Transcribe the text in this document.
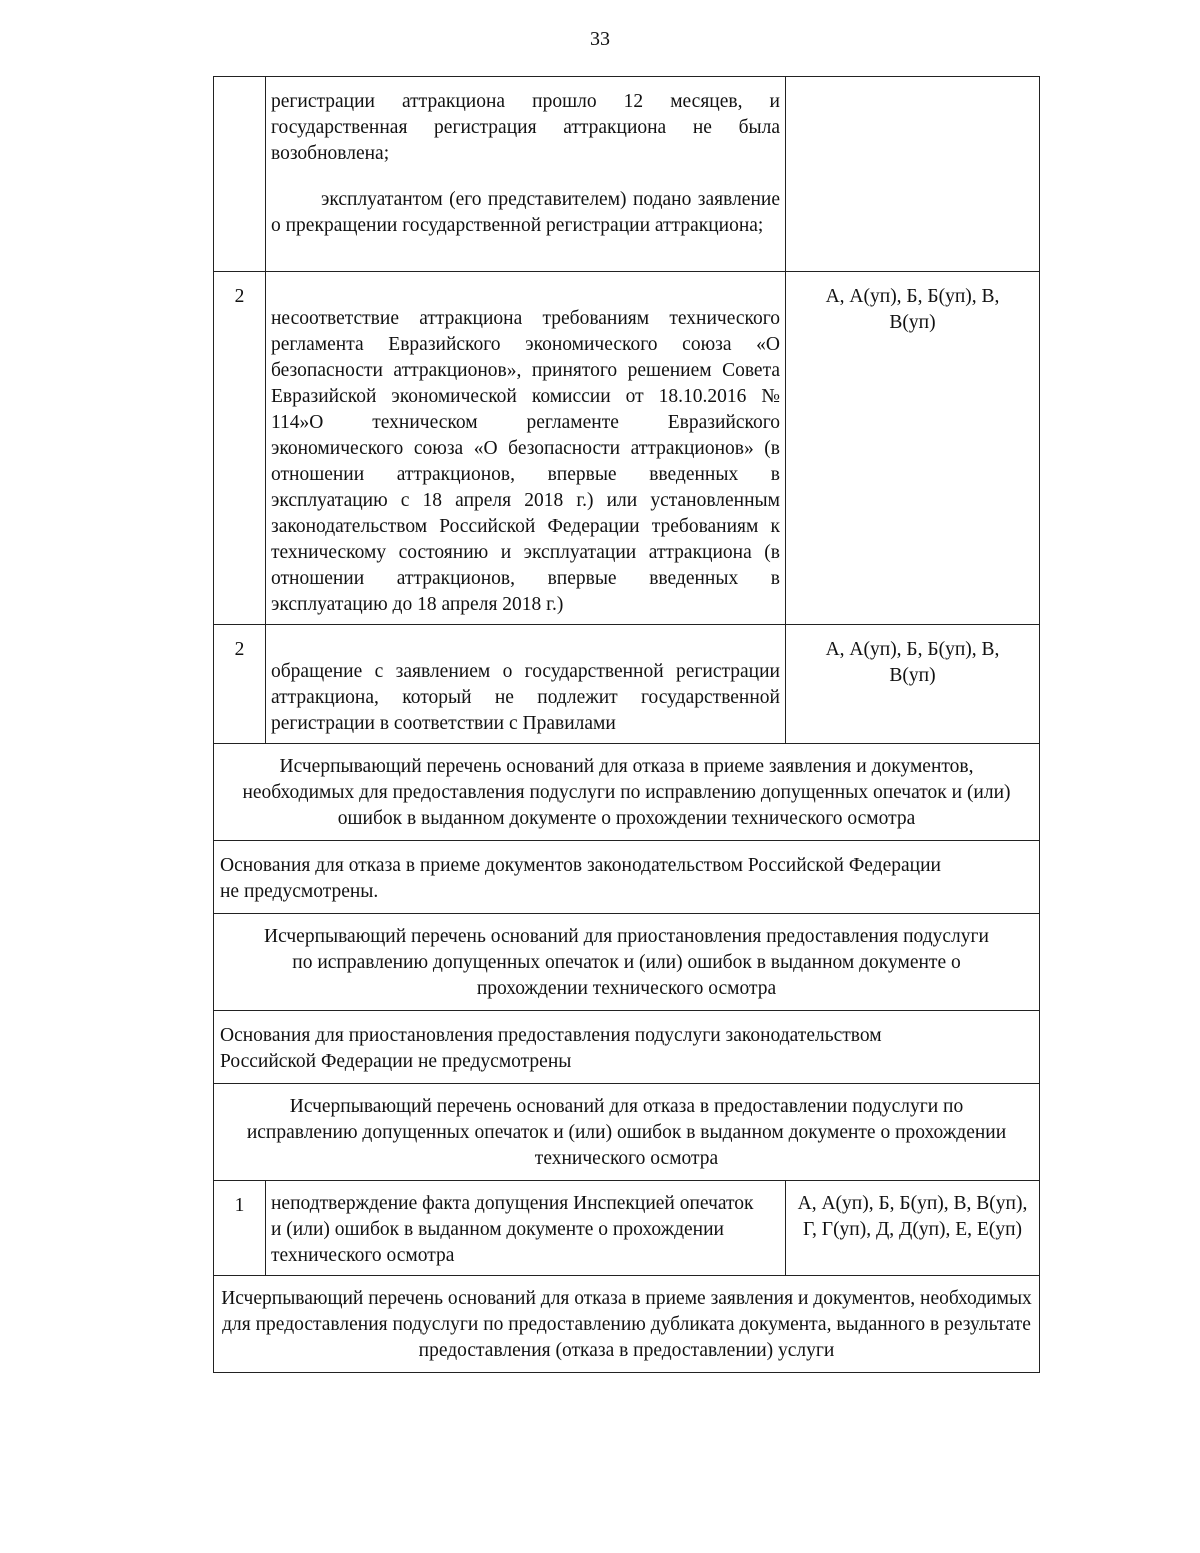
33

	регистрации аттракциона прошло 12 месяцев, и государственная регистрация аттракциона не была возобновлена;

эксплуатантом (его представителем) подано заявление о прекращении государственной регистрации аттракциона;	

2	несоответствие аттракциона требованиям технического регламента Евразийского экономического союза «О безопасности аттракционов», принятого решением Совета Евразийской экономической комиссии от 18.10.2016 № 114»О техническом регламенте Евразийского экономического союза «О безопасности аттракционов» (в отношении аттракционов, впервые введенных в эксплуатацию с 18 апреля 2018 г.) или установленным законодательством Российской Федерации требованиям к техническому состоянию и эксплуатации аттракциона (в отношении аттракционов, впервые введенных в эксплуатацию до 18 апреля 2018 г.)	А, А(уп), Б, Б(уп), В, В(уп)
2	обращение с заявлением о государственной регистрации аттракциона, который не подлежит государственной регистрации в соответствии с Правилами	А, А(уп), Б, Б(уп), В, В(уп)
Исчерпывающий перечень оснований для отказа в приеме заявления и документов, необходимых для предоставления подуслуги по исправлению допущенных опечаток и (или) ошибок в выданном документе о прохождении технического осмотра		
Основания для отказа в приеме документов законодательством Российской Федерации не предусмотрены.		
Исчерпывающий перечень оснований для приостановления предоставления подуслуги по исправлению допущенных опечаток и (или) ошибок в выданном документе о прохождении технического осмотра		
Основания для приостановления предоставления подуслуги законодательством Российской Федерации не предусмотрены		
Исчерпывающий перечень оснований для отказа в предоставлении подуслуги по исправлению допущенных опечаток и (или) ошибок в выданном документе о прохождении технического осмотра		
1	неподтверждение факта допущения Инспекцией опечаток и (или) ошибок в выданном документе о прохождении технического осмотра	А, А(уп), Б, Б(уп), В, В(уп), Г, Г(уп), Д, Д(уп), Е, Е(уп)
Исчерпывающий перечень оснований для отказа в приеме заявления и документов, необходимых для предоставления подуслуги по предоставлению дубликата документа, выданного в результате предоставления (отказа в предоставлении) услуги		
